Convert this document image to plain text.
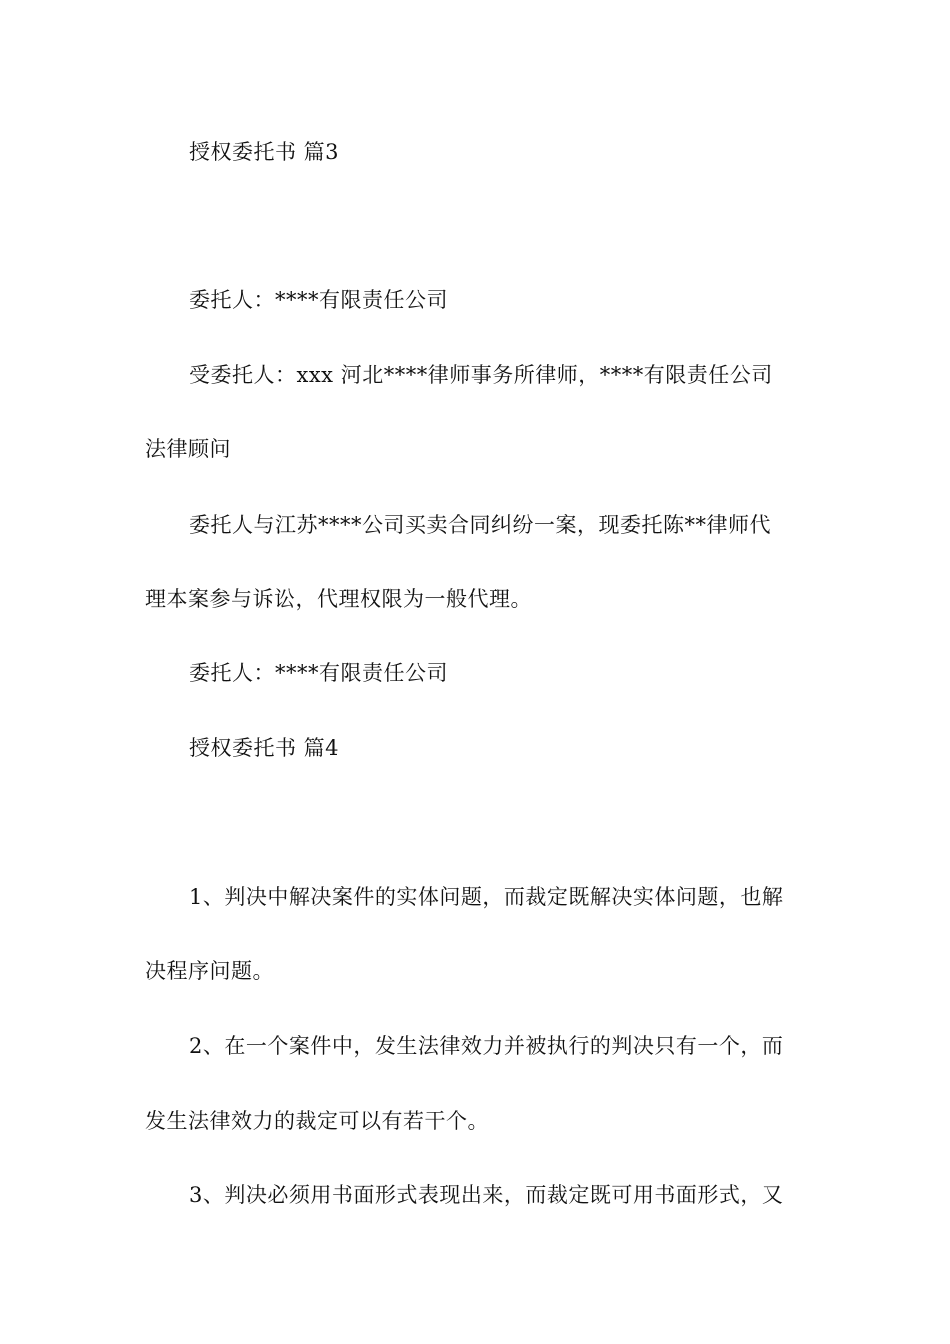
授权委托书 篇3
委托人：****有限责任公司
受委托人：xxx 河北****律师事务所律师，****有限责任公司
法律顾问
委托人与江苏****公司买卖合同纠纷一案，现委托陈**律师代
理本案参与诉讼，代理权限为一般代理。
委托人：****有限责任公司
授权委托书 篇4
1、判决中解决案件的实体问题，而裁定既解决实体问题，也解
决程序问题。
2、在一个案件中，发生法律效力并被执行的判决只有一个，而
发生法律效力的裁定可以有若干个。
3、判决必须用书面形式表现出来，而裁定既可用书面形式，又
